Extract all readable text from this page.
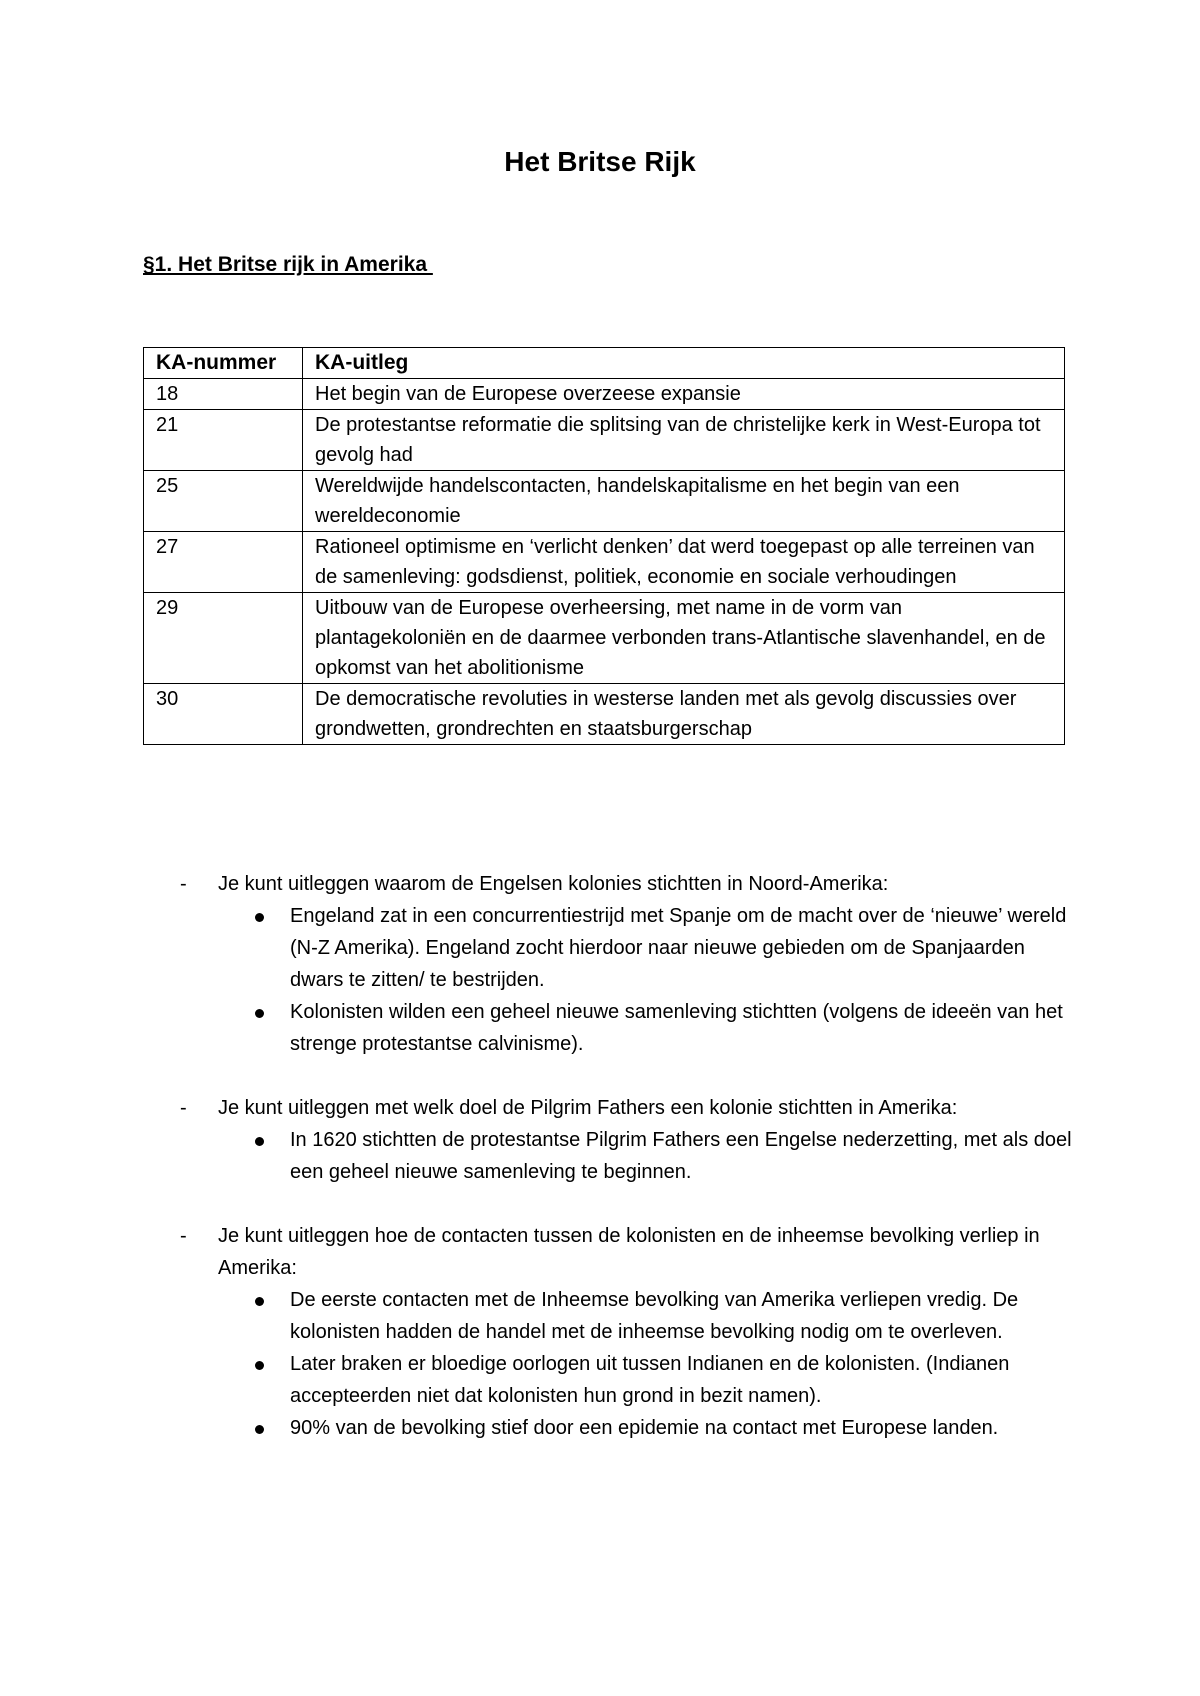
Het Britse Rijk
§1. Het Britse rijk in Amerika
KA-nummer	KA-uitleg
18	Het begin van de Europese overzeese expansie
21	De protestantse reformatie die splitsing van de christelijke kerk in West-Europa tot gevolg had
25	Wereldwijde handelscontacten, handelskapitalisme en het begin van een wereldeconomie
27	Rationeel optimisme en ‘verlicht denken’ dat werd toegepast op alle terreinen van de samenleving: godsdienst, politiek, economie en sociale verhoudingen
29	Uitbouw van de Europese overheersing, met name in de vorm van plantagekoloniën en de daarmee verbonden trans-Atlantische slavenhandel, en de opkomst van het abolitionisme
30	De democratische revoluties in westerse landen met als gevolg discussies over grondwetten, grondrechten en staatsburgerschap
- Je kunt uitleggen waarom de Engelsen kolonies stichtten in Noord-Amerika:
Engeland zat in een concurrentiestrijd met Spanje om de macht over de ‘nieuwe’ wereld (N-Z Amerika). Engeland zocht hierdoor naar nieuwe gebieden om de Spanjaarden dwars te zitten/ te bestrijden.
Kolonisten wilden een geheel nieuwe samenleving stichtten (volgens de ideeën van het strenge protestantse calvinisme).
- Je kunt uitleggen met welk doel de Pilgrim Fathers een kolonie stichtten in Amerika:
In 1620 stichtten de protestantse Pilgrim Fathers een Engelse nederzetting, met als doel een geheel nieuwe samenleving te beginnen.
- Je kunt uitleggen hoe de contacten tussen de kolonisten en de inheemse bevolking verliep in Amerika:
De eerste contacten met de Inheemse bevolking van Amerika verliepen vredig. De kolonisten hadden de handel met de inheemse bevolking nodig om te overleven.
Later braken er bloedige oorlogen uit tussen Indianen en de kolonisten. (Indianen accepteerden niet dat kolonisten hun grond in bezit namen).
90% van de bevolking stief door een epidemie na contact met Europese landen.
